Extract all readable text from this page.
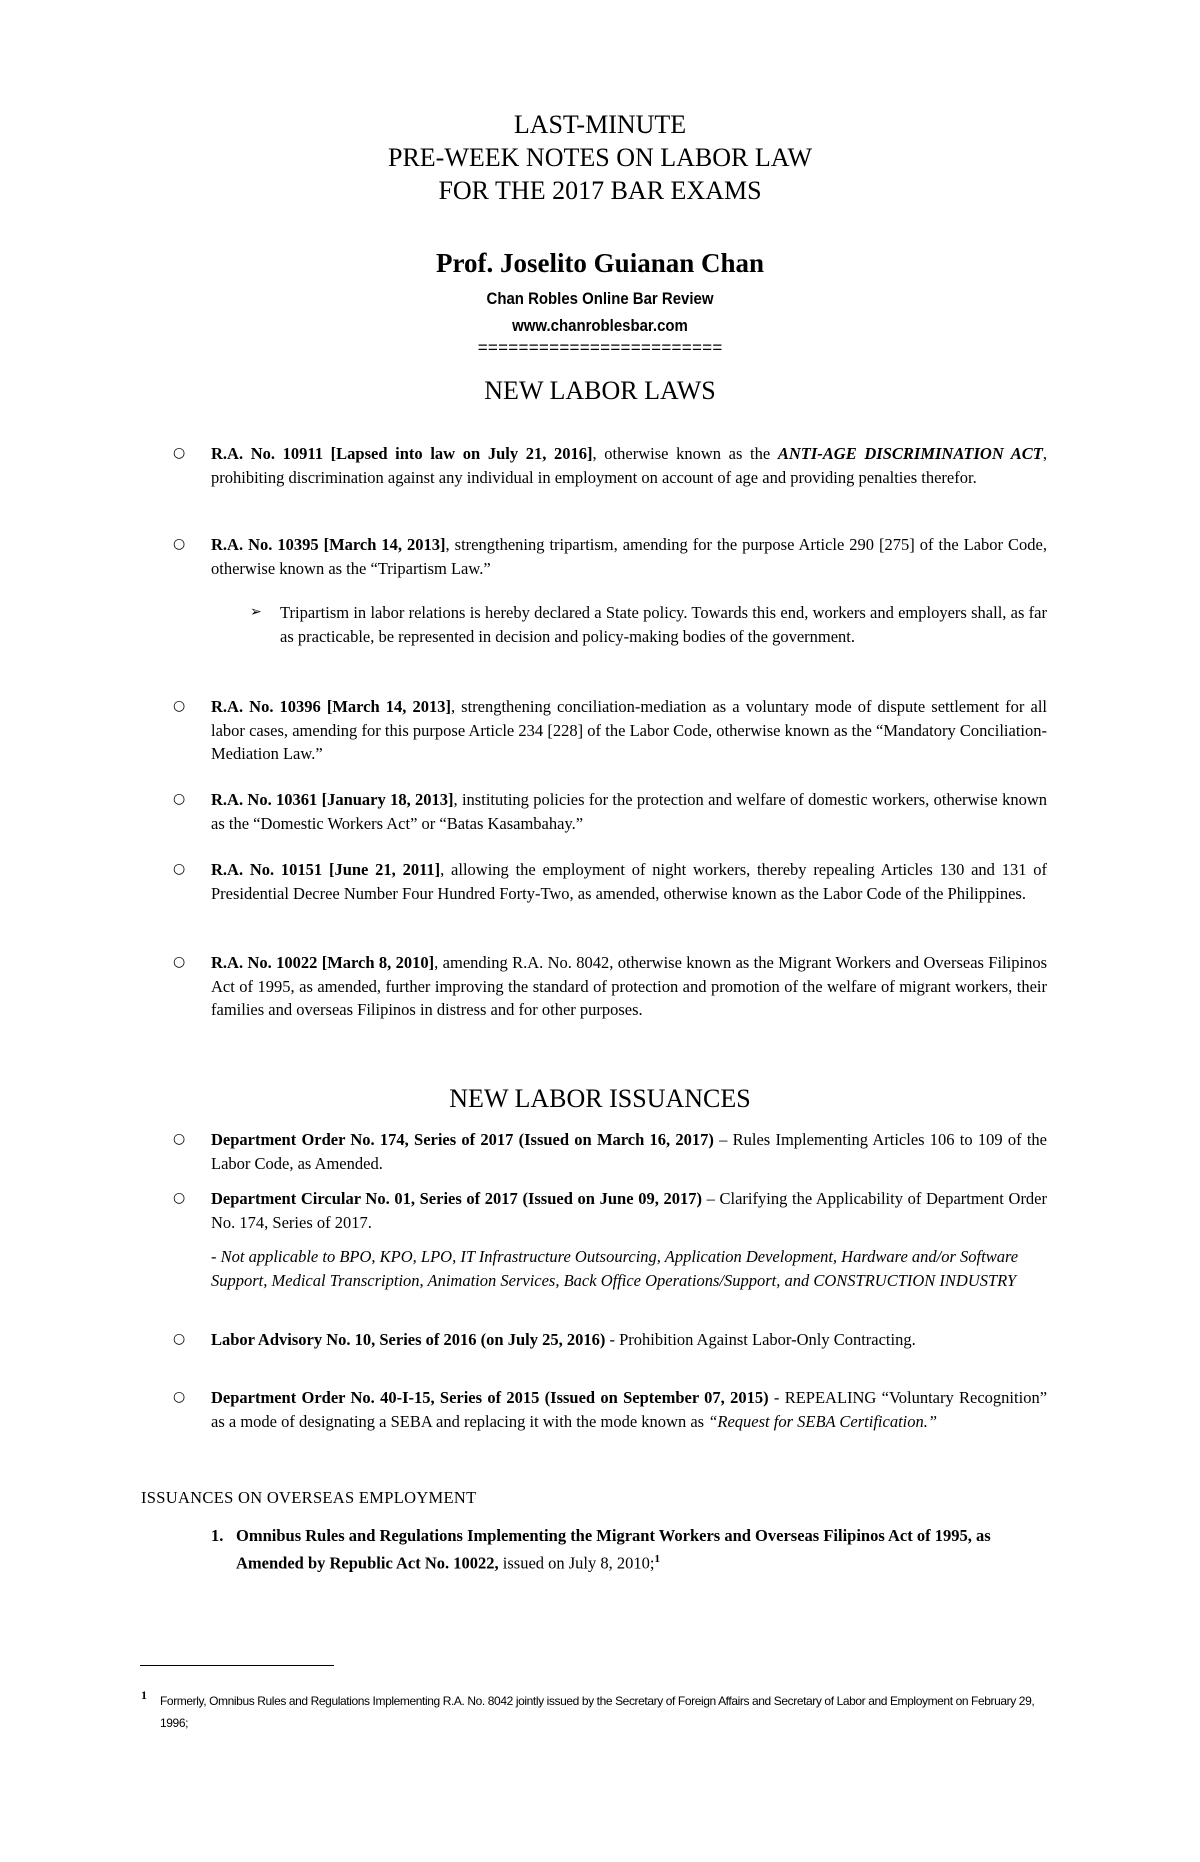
LAST-MINUTE
PRE-WEEK NOTES ON LABOR LAW
FOR THE 2017 BAR EXAMS
Prof. Joselito Guianan Chan
Chan Robles Online Bar Review
www.chanroblesbar.com
========================
NEW LABOR LAWS
○ R.A. No. 10911 [Lapsed into law on July 21, 2016], otherwise known as the ANTI-AGE DISCRIMINATION ACT, prohibiting discrimination against any individual in employment on account of age and providing penalties therefor.
○ R.A. No. 10395 [March 14, 2013], strengthening tripartism, amending for the purpose Article 290 [275] of the Labor Code, otherwise known as the “Tripartism Law.”
➢ Tripartism in labor relations is hereby declared a State policy. Towards this end, workers and employers shall, as far as practicable, be represented in decision and policy-making bodies of the government.
○ R.A. No. 10396 [March 14, 2013], strengthening conciliation-mediation as a voluntary mode of dispute settlement for all labor cases, amending for this purpose Article 234 [228] of the Labor Code, otherwise known as the “Mandatory Conciliation-Mediation Law.”
○ R.A. No. 10361 [January 18, 2013], instituting policies for the protection and welfare of domestic workers, otherwise known as the “Domestic Workers Act” or “Batas Kasambahay.”
○ R.A. No. 10151 [June 21, 2011], allowing the employment of night workers, thereby repealing Articles 130 and 131 of Presidential Decree Number Four Hundred Forty-Two, as amended, otherwise known as the Labor Code of the Philippines.
○ R.A. No. 10022 [March 8, 2010], amending R.A. No. 8042, otherwise known as the Migrant Workers and Overseas Filipinos Act of 1995, as amended, further improving the standard of protection and promotion of the welfare of migrant workers, their families and overseas Filipinos in distress and for other purposes.
NEW LABOR ISSUANCES
○ Department Order No. 174, Series of 2017 (Issued on March 16, 2017) – Rules Implementing Articles 106 to 109 of the Labor Code, as Amended.
○ Department Circular No. 01, Series of 2017 (Issued on June 09, 2017) – Clarifying the Applicability of Department Order No. 174, Series of 2017.
- Not applicable to BPO, KPO, LPO, IT Infrastructure Outsourcing, Application Development, Hardware and/or Software Support, Medical Transcription, Animation Services, Back Office Operations/Support, and CONSTRUCTION INDUSTRY
○ Labor Advisory No. 10, Series of 2016 (on July 25, 2016) - Prohibition Against Labor-Only Contracting.
○ Department Order No. 40-I-15, Series of 2015 (Issued on September 07, 2015) - REPEALING “Voluntary Recognition” as a mode of designating a SEBA and replacing it with the mode known as “Request for SEBA Certification.”
ISSUANCES ON OVERSEAS EMPLOYMENT
1. Omnibus Rules and Regulations Implementing the Migrant Workers and Overseas Filipinos Act of 1995, as Amended by Republic Act No. 10022, issued on July 8, 2010;$^1$
1	Formerly, Omnibus Rules and Regulations Implementing R.A. No. 8042 jointly issued by the Secretary of Foreign Affairs and Secretary of Labor and Employment on February 29, 1996;
